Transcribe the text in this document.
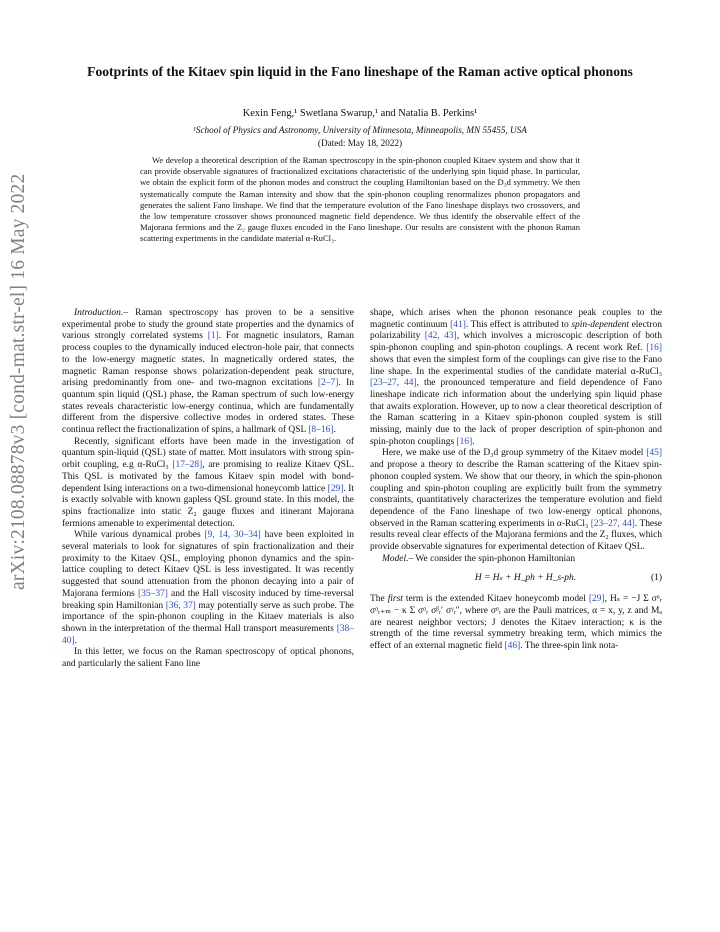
arXiv:2108.08878v3 [cond-mat.str-el] 16 May 2022
Footprints of the Kitaev spin liquid in the Fano lineshape of the Raman active optical phonons
Kexin Feng,¹ Swetlana Swarup,¹ and Natalia B. Perkins¹
¹School of Physics and Astronomy, University of Minnesota, Minneapolis, MN 55455, USA
(Dated: May 18, 2022)

We develop a theoretical description of the Raman spectroscopy in the spin-phonon coupled Kitaev system and show that it can provide observable signatures of fractionalized excitations characteristic of the underlying spin liquid phase. In particular, we obtain the explicit form of the phonon modes and construct the coupling Hamiltonian based on the D₃d symmetry. We then systematically compute the Raman intensity and show that the spin-phonon coupling renormalizes phonon propagators and generates the salient Fano linshape. We find that the temperature evolution of the Fano lineshape displays two crossovers, and the low temperature crossover shows pronounced magnetic field dependence. We thus identify the observable effect of the Majorana fermions and the Z₂ gauge fluxes encoded in the Fano lineshape. Our results are consistent with the phonon Raman scattering experiments in the candidate material α-RuCl₃.

Introduction.– Raman spectroscopy has proven to be a sensitive experimental probe to study the ground state properties and the dynamics of various strongly correlated systems [1]. For magnetic insulators, Raman process couples to the dynamically induced electron-hole pair, that connects to the low-energy magnetic states. In magnetically ordered states, the magnetic Raman response shows polarization-dependent peak structure, arising predominantly from one- and two-magnon excitations [2–7]. In quantum spin liquid (QSL) phase, the Raman spectrum of such low-energy states reveals characteristic low-energy continua, which are fundamentally different from the dispersive collective modes in ordered states. These continua reflect the fractionalization of spins, a hallmark of QSL [8–16].

Recently, significant efforts have been made in the investigation of quantum spin-liquid (QSL) state of matter. Mott insulators with strong spin-orbit coupling, e.g α-RuCl₃ [17–28], are promising to realize Kitaev QSL. This QSL is motivated by the famous Kitaev spin model with bond-dependent Ising interactions on a two-dimensional honeycomb lattice [29]. It is exactly solvable with known gapless QSL ground state. In this model, the spins fractionalize into static Z₂ gauge fluxes and itinerant Majorana fermions amenable to experimental detection.

While various dynamical probes [9, 14, 30–34] have been exploited in several materials to look for signatures of spin fractionalization and their proximity to the Kitaev QSL, employing phonon dynamics and the spin-lattice coupling to detect Kitaev QSL is less investigated. It was recently suggested that sound attenuation from the phonon decaying into a pair of Majorana fermions [35–37] and the Hall viscosity induced by time-reversal breaking spin Hamiltonian [36, 37] may potentially serve as such probe. The importance of the spin-phonon coupling in the Kitaev materials is also shown in the interpretation of the thermal Hall transport measurements [38–40].

In this letter, we focus on the Raman spectroscopy of optical phonons, and particularly the salient Fano line

shape, which arises when the phonon resonance peak couples to the magnetic continuum [41]. This effect is attributed to spin-dependent electron polarizability [42, 43], which involves a microscopic description of both spin-phonon coupling and spin-photon couplings. A recent work Ref. [16] shows that even the simplest form of the couplings can give rise to the Fano line shape. In the experimental studies of the candidate material α-RuCl₃ [23–27, 44], the pronounced temperature and field dependence of Fano lineshape indicate rich information about the underlying spin liquid phase that awaits exploration. However, up to now a clear theoretical description of the Raman scattering in a Kitaev spin-phonon coupled system is still missing, mainly due to the lack of proper description of spin-phonon and spin-photon couplings [16].

Here, we make use of the D₃d group symmetry of the Kitaev model [45] and propose a theory to describe the Raman scattering of the Kitaev spin-phonon coupled system. We show that our theory, in which the spin-phonon coupling and spin-photon coupling are explicitly built from the symmetry constraints, quantitatively characterizes the temperature evolution and field dependence of the Fano lineshape of two low-energy optical phonons, observed in the Raman scattering experiments in α-RuCl₃ [23–27, 44]. These results reveal clear effects of the Majorana fermions and the Z₂ fluxes, which provide observable signatures for experimental detection of Kitaev QSL.

Model.– We consider the spin-phonon Hamiltonian

H = Hₛ + H_ph + H_s-ph.	(1)

The first term is the extended Kitaev honeycomb model [29], Hₛ = −J Σ σᵅᵣ σᵅᵣ₊ₘ − κ Σ σᵅᵣ σᵝᵣ′ σᵞᵣ″, where σᵅᵣ are the Pauli matrices, α = x, y, z and Mₐ are nearest neighbor vectors; J denotes the Kitaev interaction; κ is the strength of the time reversal symmetry breaking term, which mimics the effect of an external magnetic field [46]. The three-spin link nota-
